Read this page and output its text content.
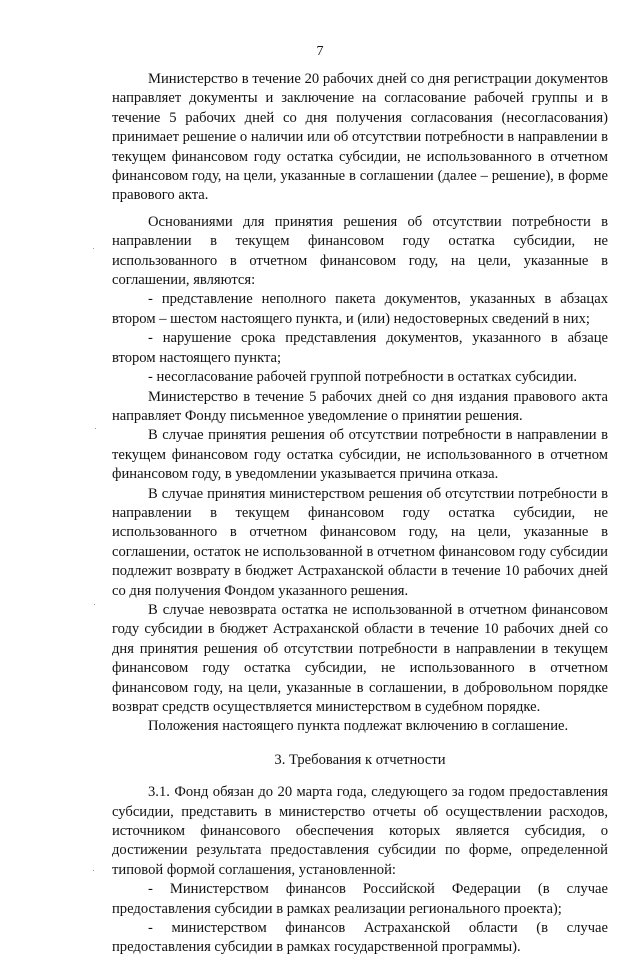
7

Министерство в течение 20 рабочих дней со дня регистрации документов направляет документы и заключение на согласование рабочей группы и в течение 5 рабочих дней со дня получения согласования (несогласования) принимает решение о наличии или об отсутствии потребности в направлении в текущем финансовом году остатка субсидии, не использованного в отчетном финансовом году, на цели, указанные в соглашении (далее – решение), в форме правового акта.

Основаниями для принятия решения об отсутствии потребности в направлении в текущем финансовом году остатка субсидии, не использованного в отчетном финансовом году, на цели, указанные в соглашении, являются:

- представление неполного пакета документов, указанных в абзацах втором – шестом настоящего пункта, и (или) недостоверных сведений в них;

- нарушение срока представления документов, указанного в абзаце втором настоящего пункта;

- несогласование рабочей группой потребности в остатках субсидии.

Министерство в течение 5 рабочих дней со дня издания правового акта направляет Фонду письменное уведомление о принятии решения.

В случае принятия решения об отсутствии потребности в направлении в текущем финансовом году остатка субсидии, не использованного в отчетном финансовом году, в уведомлении указывается причина отказа.

В случае принятия министерством решения об отсутствии потребности в направлении в текущем финансовом году остатка субсидии, не использованного в отчетном финансовом году, на цели, указанные в соглашении, остаток не использованной в отчетном финансовом году субсидии подлежит возврату в бюджет Астраханской области в течение 10 рабочих дней со дня получения Фондом указанного решения.

В случае невозврата остатка не использованной в отчетном финансовом году субсидии в бюджет Астраханской области в течение 10 рабочих дней со дня принятия решения об отсутствии потребности в направлении в текущем финансовом году остатка субсидии, не использованного в отчетном финансовом году, на цели, указанные в соглашении, в добровольном порядке возврат средств осуществляется министерством в судебном порядке.

Положения настоящего пункта подлежат включению в соглашение.

3. Требования к отчетности

3.1. Фонд обязан до 20 марта года, следующего за годом предоставления субсидии, представить в министерство отчеты об осуществлении расходов, источником финансового обеспечения которых является субсидия, о достижении результата предоставления субсидии по форме, определенной типовой формой соглашения, установленной:

- Министерством финансов Российской Федерации (в случае предоставления субсидии в рамках реализации регионального проекта);

- министерством финансов Астраханской области (в случае предоставления субсидии в рамках государственной программы).
